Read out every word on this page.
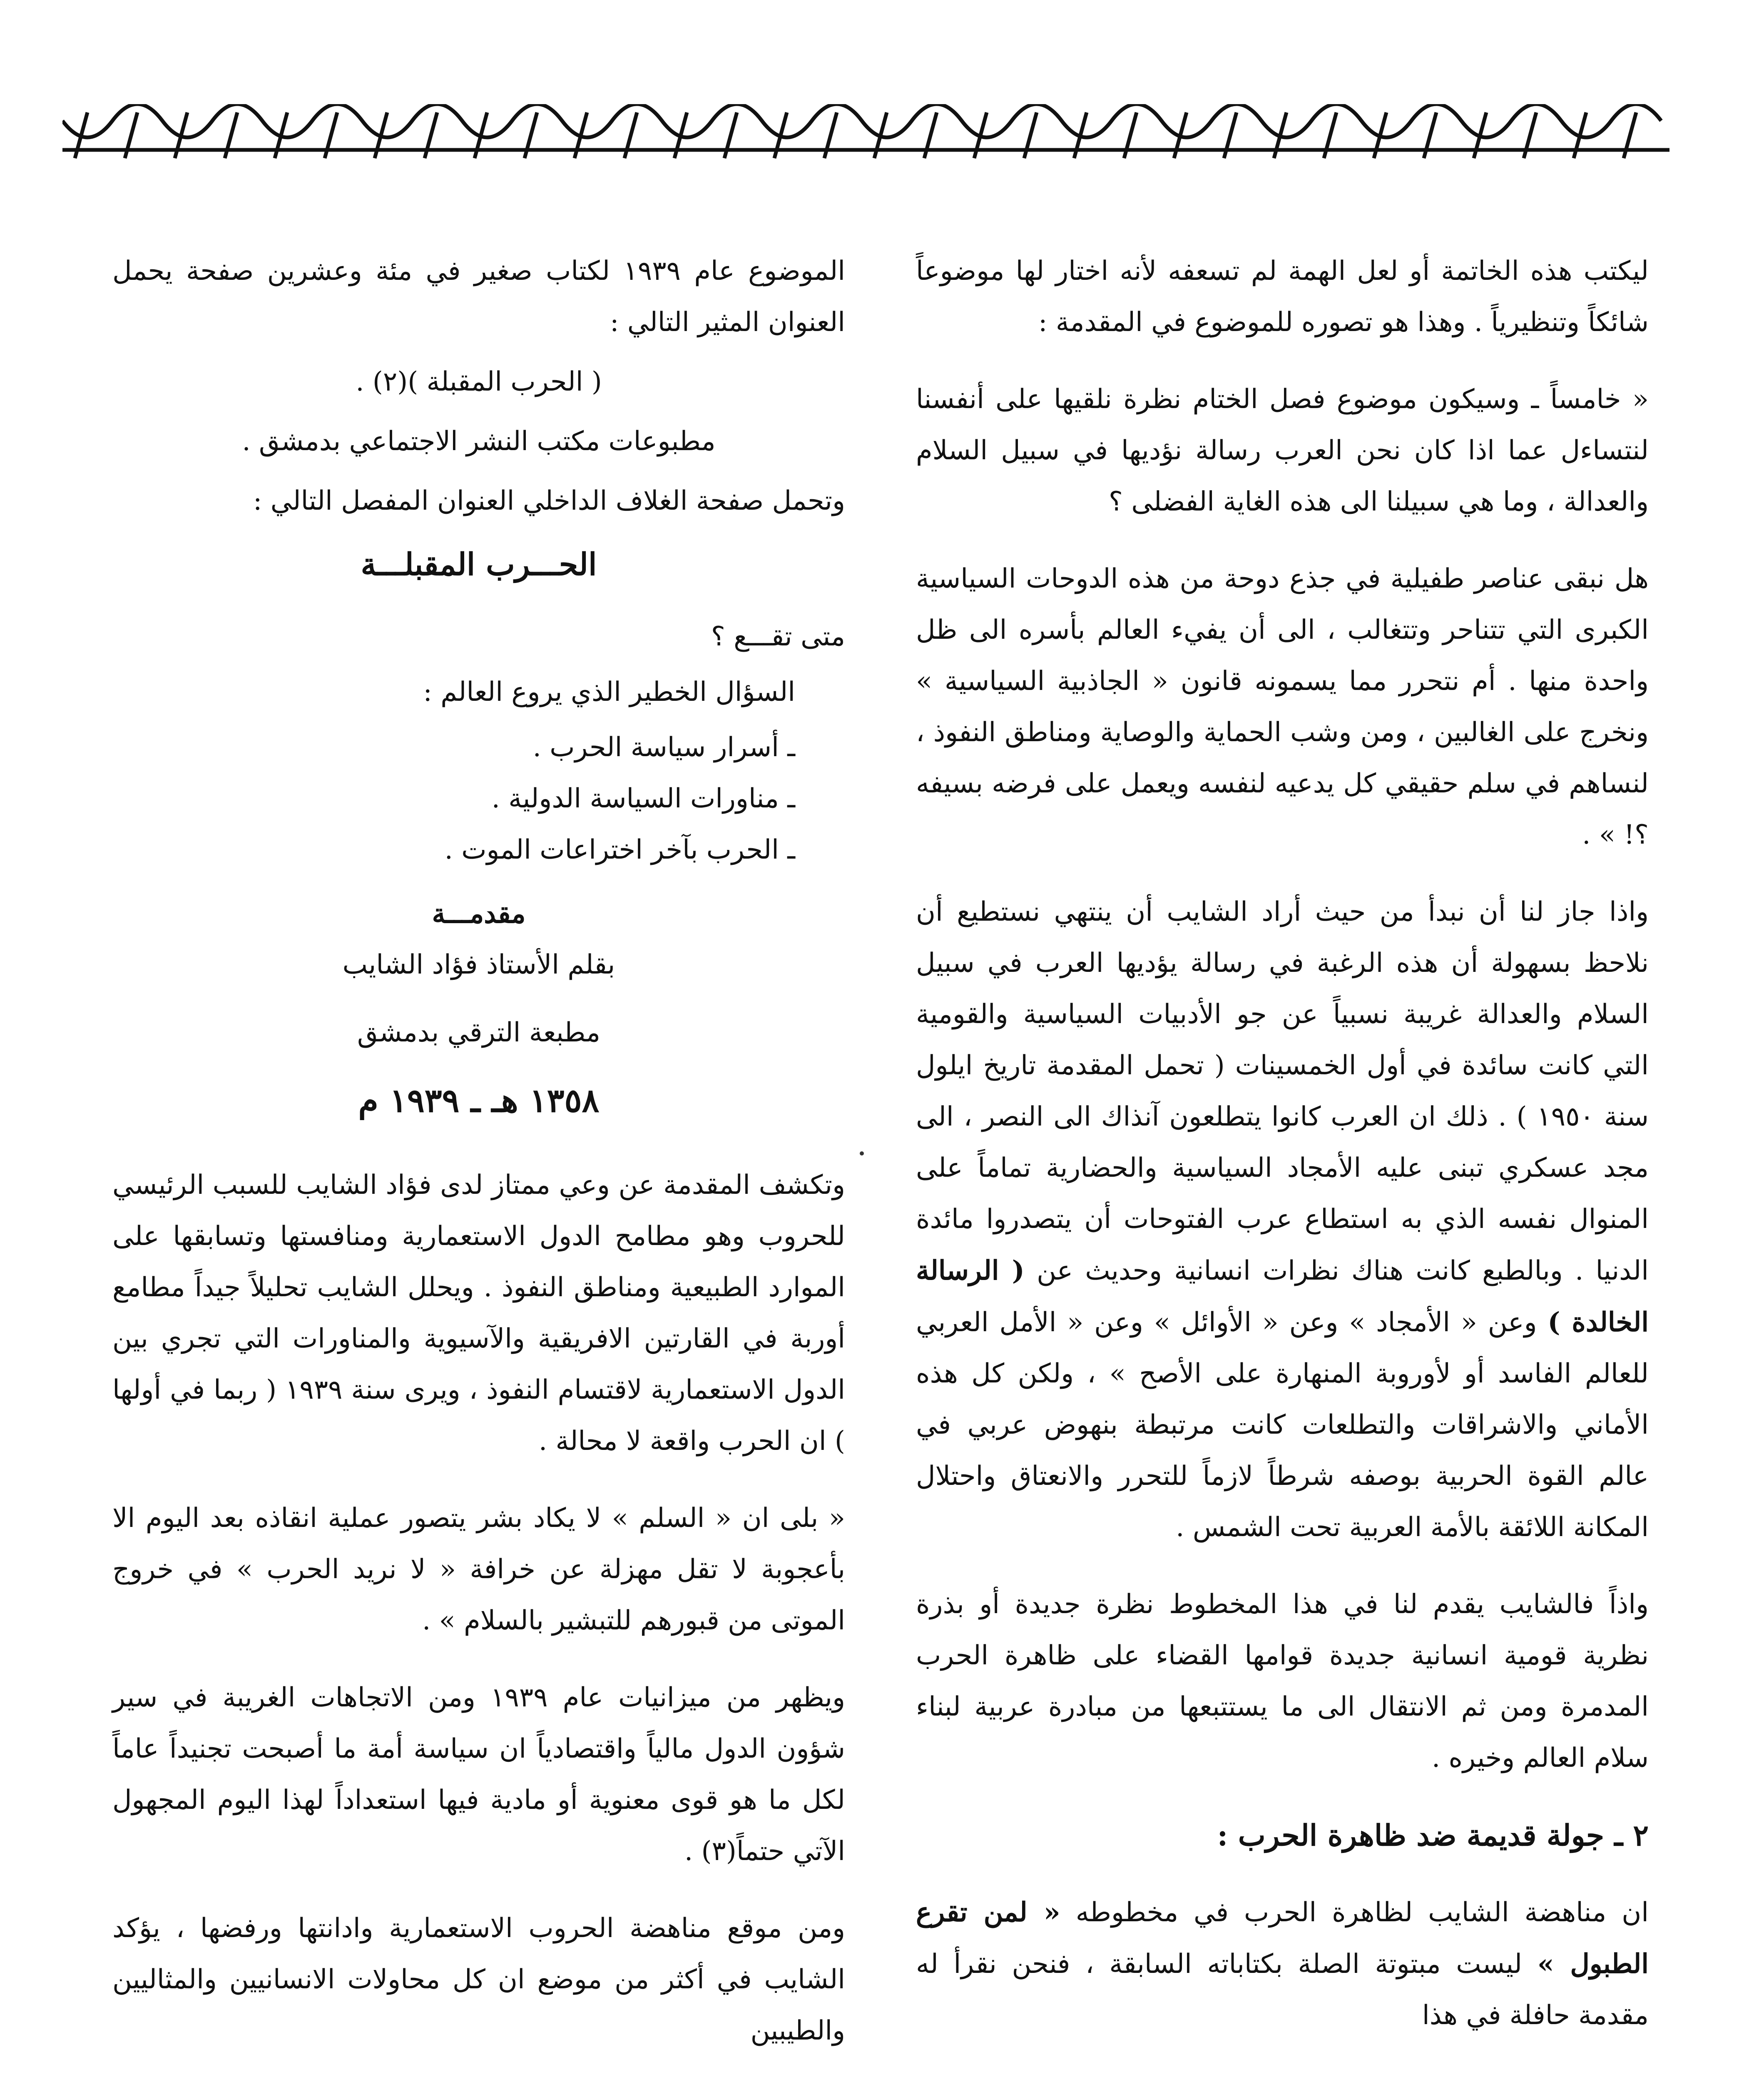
ليكتب هذه الخاتمة أو لعل الهمة لم تسعفه لأنه اختار لها موضوعاً شائكاً وتنظيرياً . وهذا هو تصوره للموضوع في المقدمة :

« خامساً ـ وسيكون موضوع فصل الختام نظرة نلقيها على أنفسنا لنتساءل عما اذا كان نحن العرب رسالة نؤديها في سبيل السلام والعدالة ، وما هي سبيلنا الى هذه الغاية الفضلى ؟

هل نبقى عناصر طفيلية في جذع دوحة من هذه الدوحات السياسية الكبرى التي تتناحر وتتغالب ، الى أن يفيء العالم بأسره الى ظل واحدة منها . أم نتحرر مما يسمونه قانون « الجاذبية السياسية » ونخرج على الغالبين ، ومن وشب الحماية والوصاية ومناطق النفوذ ، لنساهم في سلم حقيقي كل يدعيه لنفسه ويعمل على فرضه بسيفه ؟! » .

واذا جاز لنا أن نبدأ من حيث أراد الشايب أن ينتهي نستطيع أن نلاحظ بسهولة أن هذه الرغبة في رسالة يؤديها العرب في سبيل السلام والعدالة غريبة نسبياً عن جو الأدبيات السياسية والقومية التي كانت سائدة في أول الخمسينات ( تحمل المقدمة تاريخ ايلول سنة ١٩٥٠ ) . ذلك ان العرب كانوا يتطلعون آنذاك الى النصر ، الى مجد عسكري تبنى عليه الأمجاد السياسية والحضارية تماماً على المنوال نفسه الذي به استطاع عرب الفتوحات أن يتصدروا مائدة الدنيا . وبالطبع كانت هناك نظرات انسانية وحديث عن ( الرسالة الخالدة ) وعن « الأمجاد » وعن « الأوائل » وعن « الأمل العربي للعالم الفاسد أو لأوروبة المنهارة على الأصح » ، ولكن كل هذه الأماني والاشراقات والتطلعات كانت مرتبطة بنهوض عربي في عالم القوة الحربية بوصفه شرطاً لازماً للتحرر والانعتاق واحتلال المكانة اللائقة بالأمة العربية تحت الشمس .

واذاً فالشايب يقدم لنا في هذا المخطوط نظرة جديدة أو بذرة نظرية قومية انسانية جديدة قوامها القضاء على ظاهرة الحرب المدمرة ومن ثم الانتقال الى ما يستتبعها من مبادرة عربية لبناء سلام العالم وخيره .

٢ ـ جولة قديمة ضد ظاهرة الحرب :

ان مناهضة الشايب لظاهرة الحرب في مخطوطه « لمن تقرع الطبول » ليست مبتوتة الصلة بكتاباته السابقة ، فنحن نقرأ له مقدمة حافلة في هذا

الموضوع عام ١٩٣٩ لكتاب صغير في مئة وعشرين صفحة يحمل العنوان المثير التالي :

( الحرب المقبلة )(٢) .

مطبوعات مكتب النشر الاجتماعي بدمشق .

وتحمل صفحة الغلاف الداخلي العنوان المفصل التالي :

الحـــرب المقبلـــة

متى تقـــع ؟

السؤال الخطير الذي يروع العالم :

ـ أسرار سياسة الحرب .
ـ مناورات السياسة الدولية .
ـ الحرب بآخر اختراعات الموت .
مقدمـــة
بقلم الأستاذ فؤاد الشايب
مطبعة الترقي بدمشق
١٣٥٨ هـ ـ ١٩٣٩ م

وتكشف المقدمة عن وعي ممتاز لدى فؤاد الشايب للسبب الرئيسي للحروب وهو مطامح الدول الاستعمارية ومنافستها وتسابقها على الموارد الطبيعية ومناطق النفوذ . ويحلل الشايب تحليلاً جيداً مطامع أوربة في القارتين الافريقية والآسيوية والمناورات التي تجري بين الدول الاستعمارية لاقتسام النفوذ ، ويرى سنة ١٩٣٩ ( ربما في أولها ) ان الحرب واقعة لا محالة .

« بلى ان « السلم » لا يكاد بشر يتصور عملية انقاذه بعد اليوم الا بأعجوبة لا تقل مهزلة عن خرافة « لا نريد الحرب » في خروج الموتى من قبورهم للتبشير بالسلام » .

ويظهر من ميزانيات عام ١٩٣٩ ومن الاتجاهات الغريبة في سير شؤون الدول مالياً واقتصادياً ان سياسة أمة ما أصبحت تجنيداً عاماً لكل ما هو قوى معنوية أو مادية فيها استعداداً لهذا اليوم المجهول الآتي حتماً(٣) .

ومن موقع مناهضة الحروب الاستعمارية وادانتها ورفضها ، يؤكد الشايب في أكثر من موضع ان كل محاولات الانسانيين والمثاليين والطيبين
